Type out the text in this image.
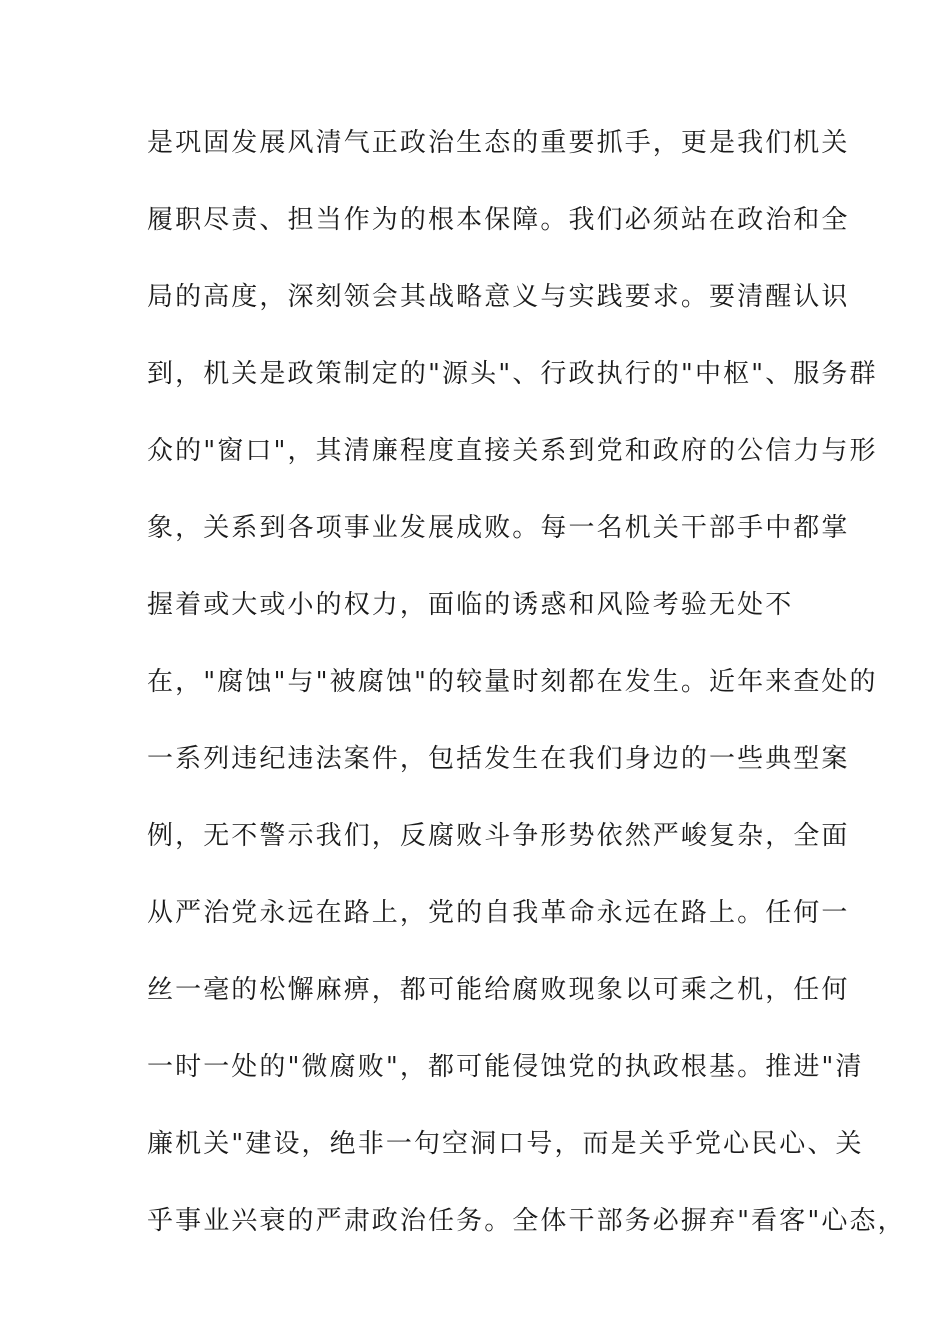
是巩固发展风清气正政治生态的重要抓手，更是我们机关

履职尽责、担当作为的根本保障。我们必须站在政治和全

局的高度，深刻领会其战略意义与实践要求。要清醒认识

到，机关是政策制定的"源头"、行政执行的"中枢"、服务群

众的"窗口"，其清廉程度直接关系到党和政府的公信力与形

象，关系到各项事业发展成败。每一名机关干部手中都掌

握着或大或小的权力，面临的诱惑和风险考验无处不

在，"腐蚀"与"被腐蚀"的较量时刻都在发生。近年来查处的

一系列违纪违法案件，包括发生在我们身边的一些典型案

例，无不警示我们，反腐败斗争形势依然严峻复杂，全面

从严治党永远在路上，党的自我革命永远在路上。任何一

丝一毫的松懈麻痹，都可能给腐败现象以可乘之机，任何

一时一处的"微腐败"，都可能侵蚀党的执政根基。推进"清

廉机关"建设，绝非一句空洞口号，而是关乎党心民心、关

乎事业兴衰的严肃政治任务。全体干部务必摒弃"看客"心态，
